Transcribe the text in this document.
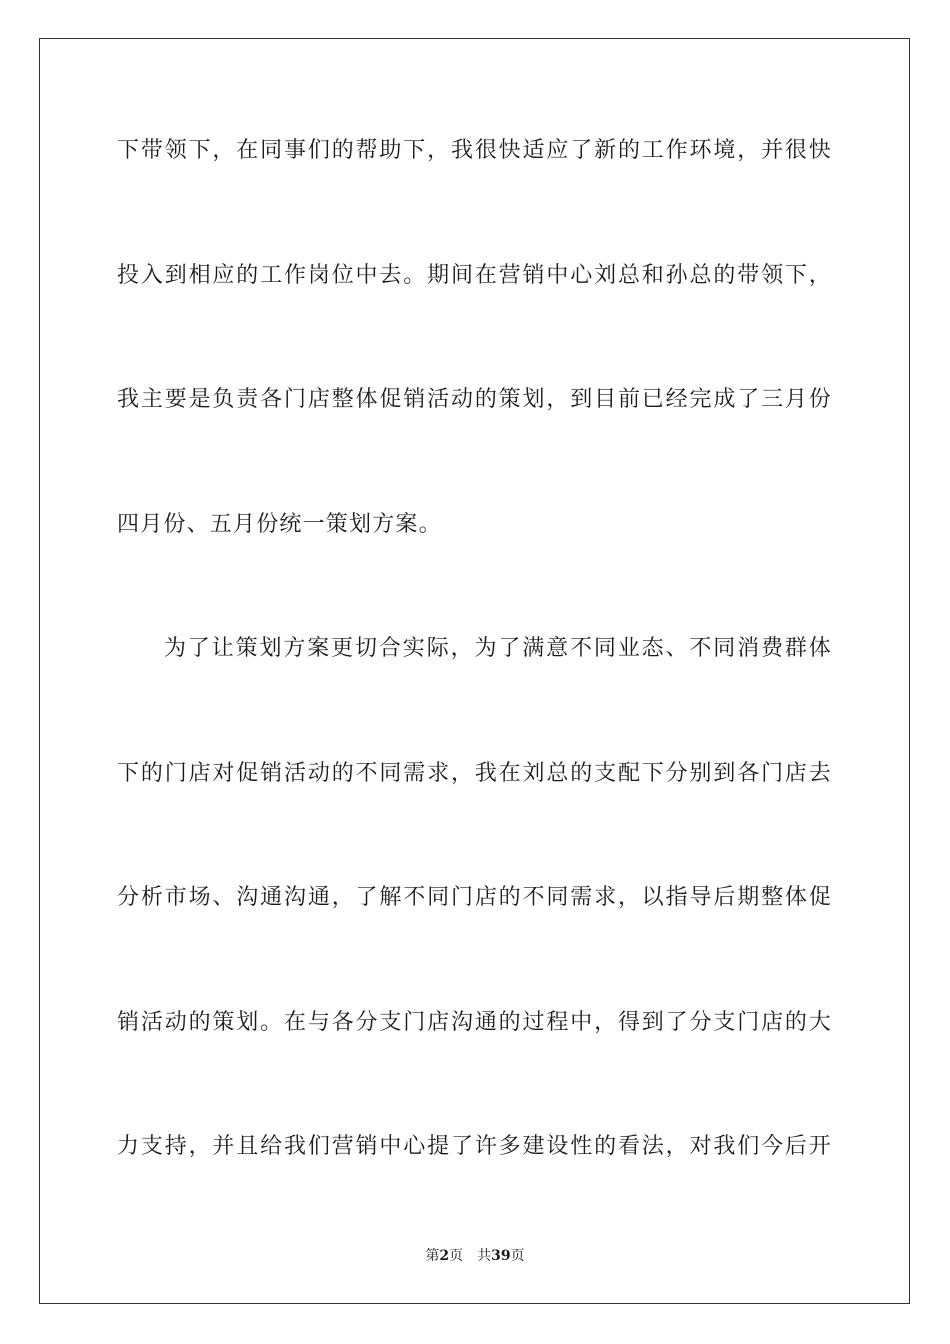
下带领下，在同事们的帮助下，我很快适应了新的工作环境，并很快
投入到相应的工作岗位中去。期间在营销中心刘总和孙总的带领下，
我主要是负责各门店整体促销活动的策划，到目前已经完成了三月份
四月份、五月份统一策划方案。
为了让策划方案更切合实际，为了满意不同业态、不同消费群体
下的门店对促销活动的不同需求，我在刘总的支配下分别到各门店去
分析市场、沟通沟通，了解不同门店的不同需求，以指导后期整体促
销活动的策划。在与各分支门店沟通的过程中，得到了分支门店的大
力支持，并且给我们营销中心提了许多建设性的看法，对我们今后开
第2页 共39页
